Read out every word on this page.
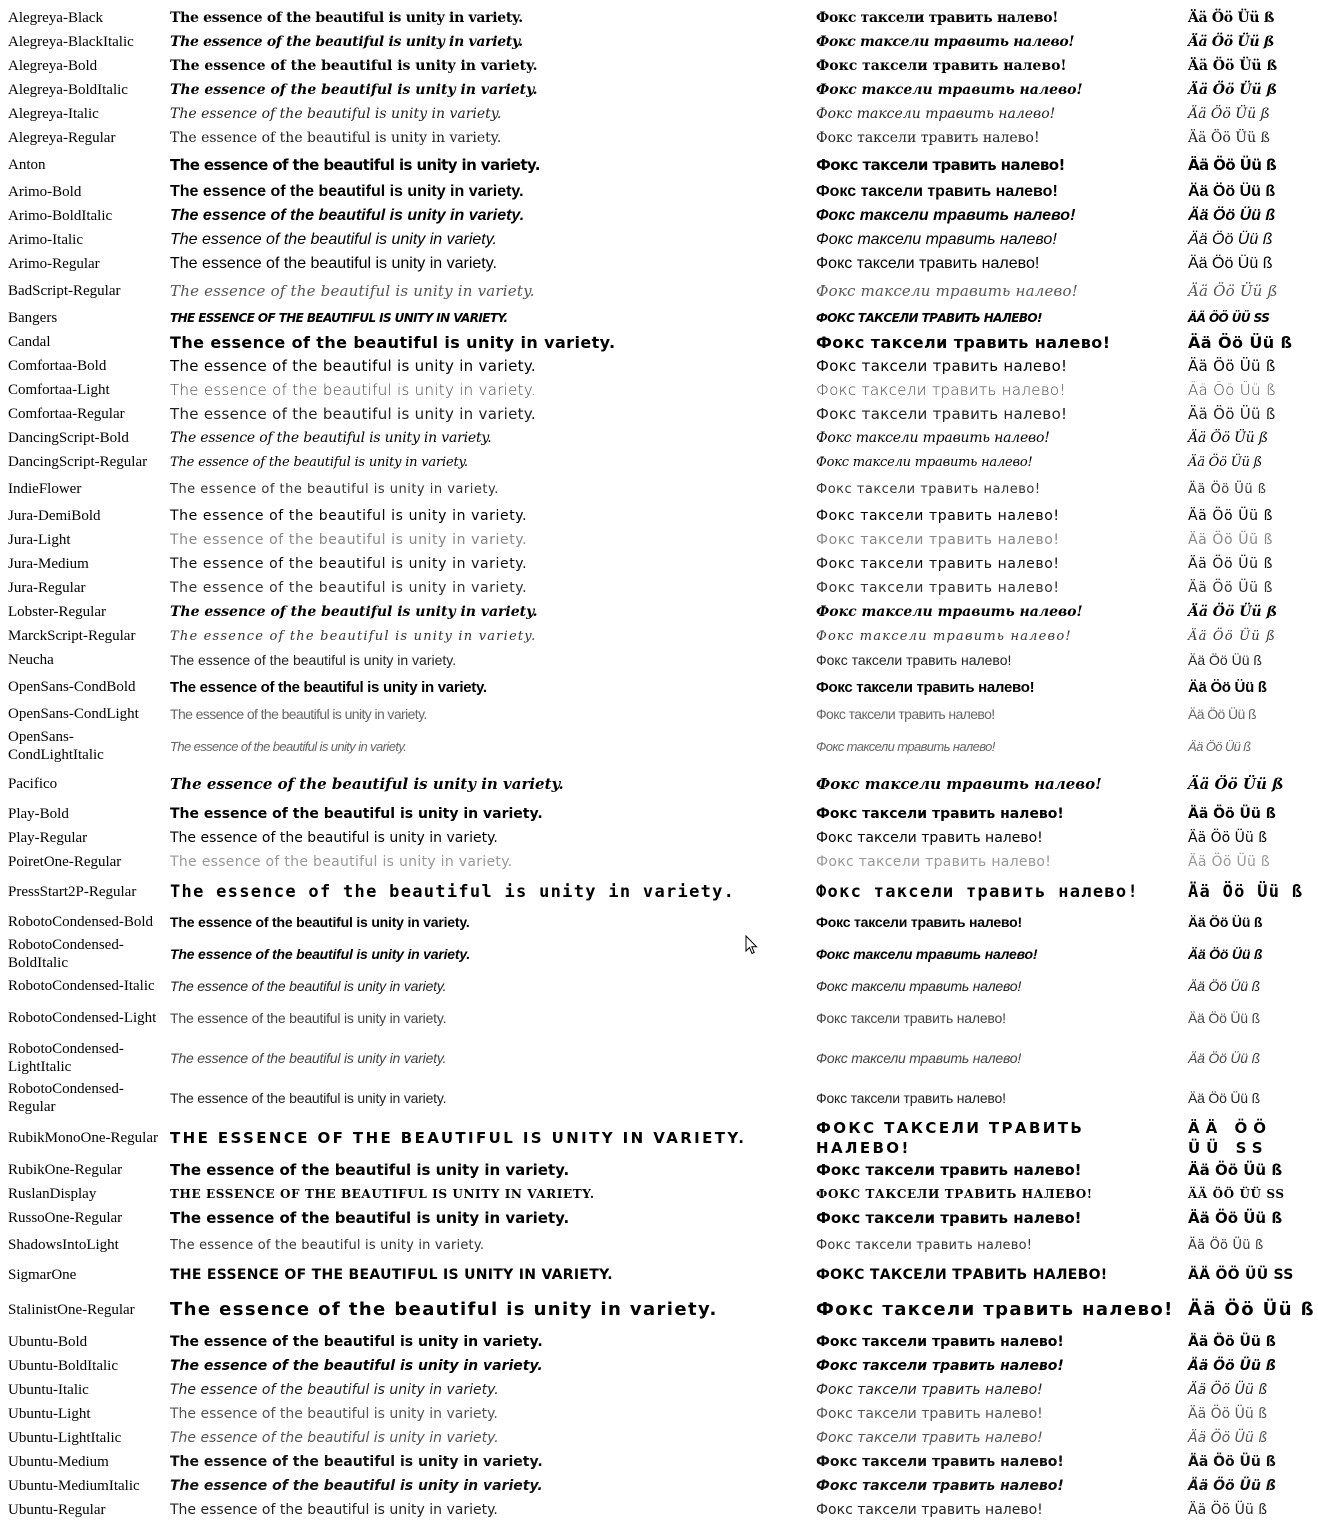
Alegreya-Black	The essence of the beautiful is unity in variety.	Фокс таксели травить налево!	Ää Öö Üü ß
Alegreya-BlackItalic	The essence of the beautiful is unity in variety.	Фокс таксели травить налево!	Ää Öö Üü ß
Alegreya-Bold	The essence of the beautiful is unity in variety.	Фокс таксели травить налево!	Ää Öö Üü ß
Alegreya-BoldItalic	The essence of the beautiful is unity in variety.	Фокс таксели травить налево!	Ää Öö Üü ß
Alegreya-Italic	The essence of the beautiful is unity in variety.	Фокс таксели травить налево!	Ää Öö Üü ß
Alegreya-Regular	The essence of the beautiful is unity in variety.	Фокс таксели травить налево!	Ää Öö Üü ß
Anton	The essence of the beautiful is unity in variety.	Фокс таксели травить налево!	Ää Öö Üü ß
Arimo-Bold	The essence of the beautiful is unity in variety.	Фокс таксели травить налево!	Ää Öö Üü ß
Arimo-BoldItalic	The essence of the beautiful is unity in variety.	Фокс таксели травить налево!	Ää Öö Üü ß
Arimo-Italic	The essence of the beautiful is unity in variety.	Фокс таксели травить налево!	Ää Öö Üü ß
Arimo-Regular	The essence of the beautiful is unity in variety.	Фокс таксели травить налево!	Ää Öö Üü ß
BadScript-Regular	The essence of the beautiful is unity in variety.	Фокс таксели травить налево!	Ää Öö Üü ß
Bangers	THE ESSENCE OF THE BEAUTIFUL IS UNITY IN VARIETY.	ФОКС ТАКСЕЛИ ТРАВИТЬ НАЛЕВО!	ÄÄ ÖÖ ÜÜ SS
Candal	The essence of the beautiful is unity in variety.	Фокс таксели травить налево!	Ää Öö Üü ß
Comfortaa-Bold	The essence of the beautiful is unity in variety.	Фокс таксели травить налево!	Ää Öö Üü ß
Comfortaa-Light	The essence of the beautiful is unity in variety.	Фокс таксели травить налево!	Ää Öö Üü ß
Comfortaa-Regular	The essence of the beautiful is unity in variety.	Фокс таксели травить налево!	Ää Öö Üü ß
DancingScript-Bold	The essence of the beautiful is unity in variety.	Фокс таксели травить налево!	Ää Öö Üü ß
DancingScript-Regular	The essence of the beautiful is unity in variety.	Фокс таксели травить налево!	Ää Öö Üü ß
IndieFlower	The essence of the beautiful is unity in variety.	Фокс таксели травить налево!	Ää Öö Üü ß
Jura-DemiBold	The essence of the beautiful is unity in variety.	Фокс таксели травить налево!	Ää Öö Üü ß
Jura-Light	The essence of the beautiful is unity in variety.	Фокс таксели травить налево!	Ää Öö Üü ß
Jura-Medium	The essence of the beautiful is unity in variety.	Фокс таксели травить налево!	Ää Öö Üü ß
Jura-Regular	The essence of the beautiful is unity in variety.	Фокс таксели травить налево!	Ää Öö Üü ß
Lobster-Regular	The essence of the beautiful is unity in variety.	Фокс таксели травить налево!	Ää Öö Üü ß
MarckScript-Regular	The essence of the beautiful is unity in variety.	Фокс таксели травить налево!	Ää Öö Üü ß
Neucha	The essence of the beautiful is unity in variety.	Фокс таксели травить налево!	Ää Öö Üü ß
OpenSans-CondBold	The essence of the beautiful is unity in variety.	Фокс таксели травить налево!	Ää Öö Üü ß
OpenSans-CondLight	The essence of the beautiful is unity in variety.	Фокс таксели травить налево!	Ää Öö Üü ß
OpenSans-CondLightItalic	The essence of the beautiful is unity in variety.	Фокс таксели травить налево!	Ää Öö Üü ß
Pacifico	The essence of the beautiful is unity in variety.	Фокс таксели травить налево!	Ää Öö Üü ß
Play-Bold	The essence of the beautiful is unity in variety.	Фокс таксели травить налево!	Ää Öö Üü ß
Play-Regular	The essence of the beautiful is unity in variety.	Фокс таксели травить налево!	Ää Öö Üü ß
PoiretOne-Regular	The essence of the beautiful is unity in variety.	Фокс таксели травить налево!	Ää Öö Üü ß
PressStart2P-Regular	The essence of the beautiful is unity in variety.	Фокс таксели травить налево!	Ää Öö Üü ß
RobotoCondensed-Bold	The essence of the beautiful is unity in variety.	Фокс таксели травить налево!	Ää Öö Üü ß
RobotoCondensed-BoldItalic	The essence of the beautiful is unity in variety.	Фокс таксели травить налево!	Ää Öö Üü ß
RobotoCondensed-Italic	The essence of the beautiful is unity in variety.	Фокс таксели травить налево!	Ää Öö Üü ß
RobotoCondensed-Light	The essence of the beautiful is unity in variety.	Фокс таксели травить налево!	Ää Öö Üü ß
RobotoCondensed-LightItalic	The essence of the beautiful is unity in variety.	Фокс таксели травить налево!	Ää Öö Üü ß
RobotoCondensed-Regular	The essence of the beautiful is unity in variety.	Фокс таксели травить налево!	Ää Öö Üü ß
RubikMonoOne-Regular	THE ESSENCE OF THE BEAUTIFUL IS UNITY IN VARIETY.	ФОКС ТАКСЕЛИ ТРАВИТЬ НАЛЕВО!	ÄÄ ÖÖ ÜÜ SS
RubikOne-Regular	The essence of the beautiful is unity in variety.	Фокс таксели травить налево!	Ää Öö Üü ß
RuslanDisplay	THE ESSENCE OF THE BEAUTIFUL IS UNITY IN VARIETY.	ФОКС ТАКСЕЛИ ТРАВИТЬ НАЛЕВО!	ÄÄ ÖÖ ÜÜ SS
RussoOne-Regular	The essence of the beautiful is unity in variety.	Фокс таксели травить налево!	Ää Öö Üü ß
ShadowsIntoLight	The essence of the beautiful is unity in variety.	Фокс таксели травить налево!	Ää Öö Üü ß
SigmarOne	THE ESSENCE OF THE BEAUTIFUL IS UNITY IN VARIETY.	ФОКС ТАКСЕЛИ ТРАВИТЬ НАЛЕВО!	ÄÄ ÖÖ ÜÜ SS
StalinistOne-Regular	The essence of the beautiful is unity in variety.	Фокс таксели травить налево!	Ää Öö Üü ß
Ubuntu-Bold	The essence of the beautiful is unity in variety.	Фокс таксели травить налево!	Ää Öö Üü ß
Ubuntu-BoldItalic	The essence of the beautiful is unity in variety.	Фокс таксели травить налево!	Ää Öö Üü ß
Ubuntu-Italic	The essence of the beautiful is unity in variety.	Фокс таксели травить налево!	Ää Öö Üü ß
Ubuntu-Light	The essence of the beautiful is unity in variety.	Фокс таксели травить налево!	Ää Öö Üü ß
Ubuntu-LightItalic	The essence of the beautiful is unity in variety.	Фокс таксели травить налево!	Ää Öö Üü ß
Ubuntu-Medium	The essence of the beautiful is unity in variety.	Фокс таксели травить налево!	Ää Öö Üü ß
Ubuntu-MediumItalic	The essence of the beautiful is unity in variety.	Фокс таксели травить налево!	Ää Öö Üü ß
Ubuntu-Regular	The essence of the beautiful is unity in variety.	Фокс таксели травить налево!	Ää Öö Üü ß
